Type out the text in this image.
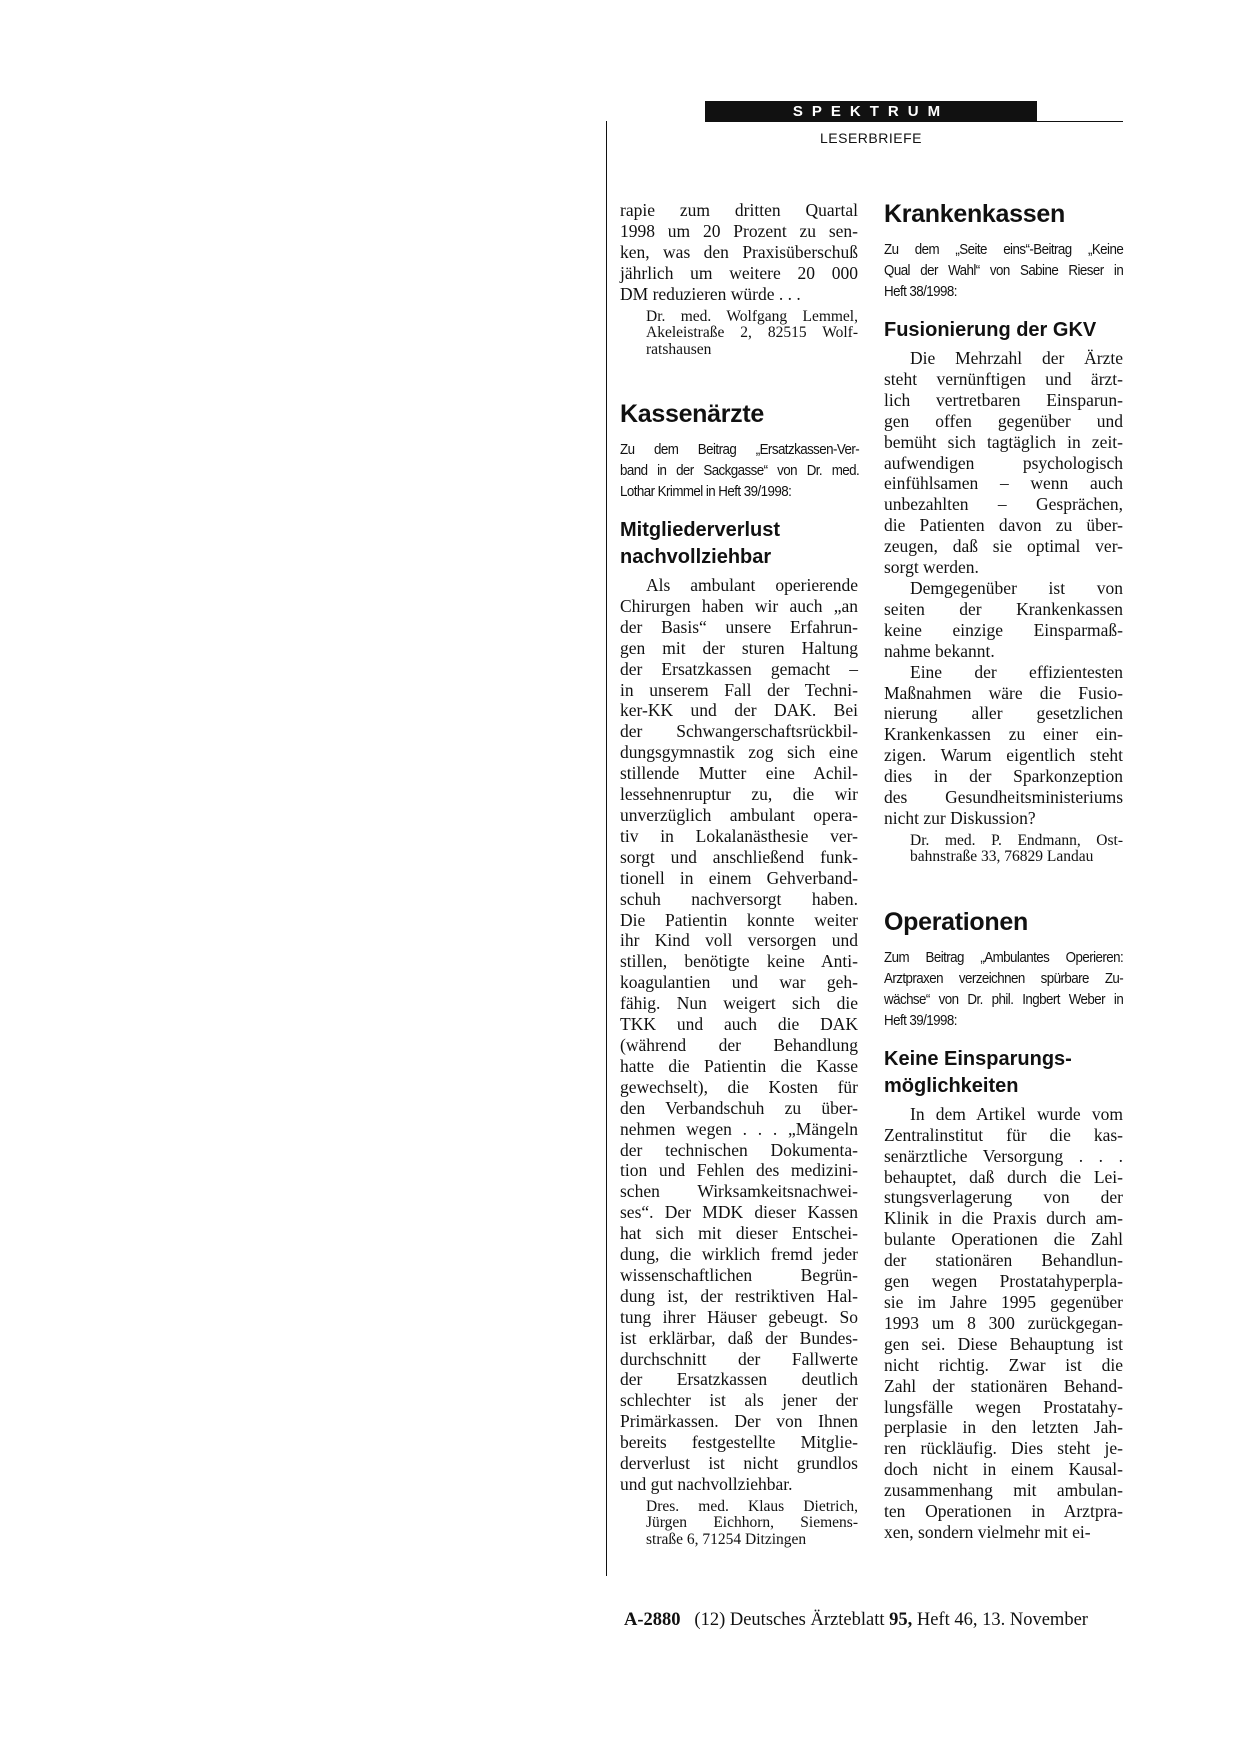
SPEKTRUM
LESERBRIEFE
rapie zum dritten Quartal
1998 um 20 Prozent zu sen-
ken, was den Praxisüberschuß
jährlich um weitere 20 000
DM reduzieren würde . . .
Dr. med. Wolfgang Lemmel,
Akeleistraße 2, 82515 Wolf-
ratshausen
Kassenärzte
Zu dem Beitrag „Ersatzkassen-Ver-
band in der Sackgasse“ von Dr. med.
Lothar Krimmel in Heft 39/1998:
Mitgliederverlust
nachvollziehbar
Als ambulant operierende
Chirurgen haben wir auch „an
der Basis“ unsere Erfahrun-
gen mit der sturen Haltung
der Ersatzkassen gemacht –
in unserem Fall der Techni-
ker-KK und der DAK. Bei
der Schwangerschaftsrückbil-
dungsgymnastik zog sich eine
stillende Mutter eine Achil-
lessehnenruptur zu, die wir
unverzüglich ambulant opera-
tiv in Lokalanästhesie ver-
sorgt und anschließend funk-
tionell in einem Gehverband-
schuh nachversorgt haben.
Die Patientin konnte weiter
ihr Kind voll versorgen und
stillen, benötigte keine Anti-
koagulantien und war geh-
fähig. Nun weigert sich die
TKK und auch die DAK
(während der Behandlung
hatte die Patientin die Kasse
gewechselt), die Kosten für
den Verbandschuh zu über-
nehmen wegen . . . „Mängeln
der technischen Dokumenta-
tion und Fehlen des medizini-
schen Wirksamkeitsnachwei-
ses“. Der MDK dieser Kassen
hat sich mit dieser Entschei-
dung, die wirklich fremd jeder
wissenschaftlichen Begrün-
dung ist, der restriktiven Hal-
tung ihrer Häuser gebeugt. So
ist erklärbar, daß der Bundes-
durchschnitt der Fallwerte
der Ersatzkassen deutlich
schlechter ist als jener der
Primärkassen. Der von Ihnen
bereits festgestellte Mitglie-
derverlust ist nicht grundlos
und gut nachvollziehbar.
Dres. med. Klaus Dietrich,
Jürgen Eichhorn, Siemens-
straße 6, 71254 Ditzingen
Krankenkassen
Zu dem „Seite eins“-Beitrag „Keine
Qual der Wahl“ von Sabine Rieser in
Heft 38/1998:
Fusionierung der GKV
Die Mehrzahl der Ärzte
steht vernünftigen und ärzt-
lich vertretbaren Einsparun-
gen offen gegenüber und
bemüht sich tagtäglich in zeit-
aufwendigen psychologisch
einfühlsamen – wenn auch
unbezahlten – Gesprächen,
die Patienten davon zu über-
zeugen, daß sie optimal ver-
sorgt werden.
Demgegenüber ist von
seiten der Krankenkassen
keine einzige Einsparmaß-
nahme bekannt.
Eine der effizientesten
Maßnahmen wäre die Fusio-
nierung aller gesetzlichen
Krankenkassen zu einer ein-
zigen. Warum eigentlich steht
dies in der Sparkonzeption
des Gesundheitsministeriums
nicht zur Diskussion?
Dr. med. P. Endmann, Ost-
bahnstraße 33, 76829 Landau
Operationen
Zum Beitrag „Ambulantes Operieren:
Arztpraxen verzeichnen spürbare Zu-
wächse“ von Dr. phil. Ingbert Weber in
Heft 39/1998:
Keine Einsparungs-
möglichkeiten
In dem Artikel wurde vom
Zentralinstitut für die kas-
senärztliche Versorgung . . .
behauptet, daß durch die Lei-
stungsverlagerung von der
Klinik in die Praxis durch am-
bulante Operationen die Zahl
der stationären Behandlun-
gen wegen Prostatahyperpla-
sie im Jahre 1995 gegenüber
1993 um 8 300 zurückgegan-
gen sei. Diese Behauptung ist
nicht richtig. Zwar ist die
Zahl der stationären Behand-
lungsfälle wegen Prostatahy-
perplasie in den letzten Jah-
ren rückläufig. Dies steht je-
doch nicht in einem Kausal-
zusammenhang mit ambulan-
ten Operationen in Arztpra-
xen, sondern vielmehr mit ei-
A-2880 (12) Deutsches Ärzteblatt 95, Heft 46, 13. November
